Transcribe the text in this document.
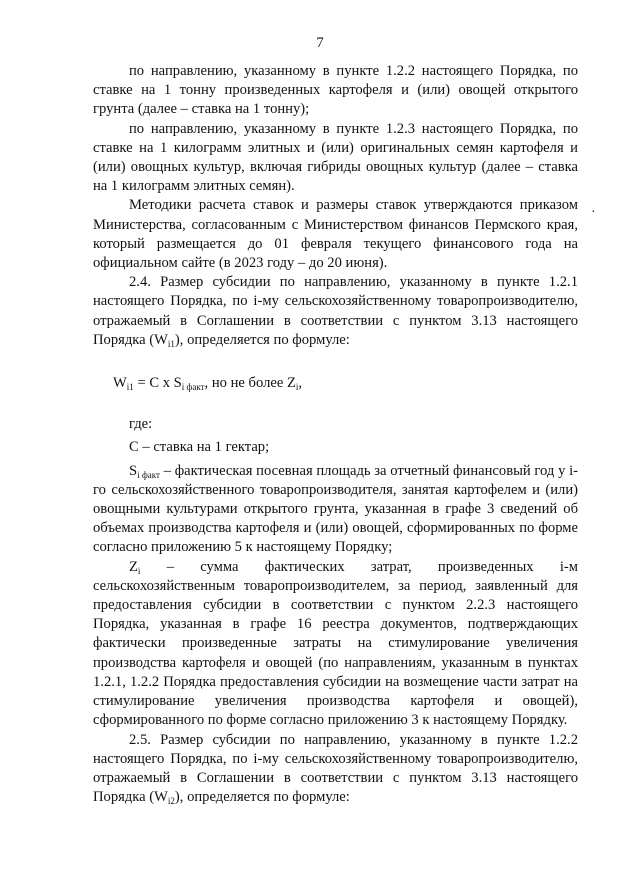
7
·

по направлению, указанному в пункте 1.2.2 настоящего Порядка, по ставке на 1 тонну произведенных картофеля и (или) овощей открытого грунта (далее – ставка на 1 тонну);

по направлению, указанному в пункте 1.2.3 настоящего Порядка, по ставке на 1 килограмм элитных и (или) оригинальных семян картофеля и (или) овощных культур, включая гибриды овощных культур (далее – ставка на 1 килограмм элитных семян).

Методики расчета ставок и размеры ставок утверждаются приказом Министерства, согласованным с Министерством финансов Пермского края, который размещается до 01 февраля текущего финансового года на официальном сайте (в 2023 году – до 20 июня).

2.4. Размер субсидии по направлению, указанному в пункте 1.2.1 настоящего Порядка, по i-му сельскохозяйственному товаропроизводителю, отражаемый в Соглашении в соответствии с пунктом 3.13 настоящего Порядка $(W_{i1})$, определяется по формуле:

$W_{i1} = C$ x $S_{i факт}$, но не более $Z_i$,

где:

C – ставка на 1 гектар;

$S_{i факт}$ – фактическая посевная площадь за отчетный финансовый год у i-го сельскохозяйственного товаропроизводителя, занятая картофелем и (или) овощными культурами открытого грунта, указанная в графе 3 сведений об объемах производства картофеля и (или) овощей, сформированных по форме согласно приложению 5 к настоящему Порядку;

$Z_i$ – сумма фактических затрат, произведенных i-м сельскохозяйственным товаропроизводителем, за период, заявленный для предоставления субсидии в соответствии с пунктом 2.2.3 настоящего Порядка, указанная в графе 16 реестра документов, подтверждающих фактически произведенные затраты на стимулирование увеличения производства картофеля и овощей (по направлениям, указанным в пунктах 1.2.1, 1.2.2 Порядка предоставления субсидии на возмещение части затрат на стимулирование увеличения производства картофеля и овощей), сформированного по форме согласно приложению 3 к настоящему Порядку.

2.5. Размер субсидии по направлению, указанному в пункте 1.2.2 настоящего Порядка, по i-му сельскохозяйственному товаропроизводителю, отражаемый в Соглашении в соответствии с пунктом 3.13 настоящего Порядка $(W_{i2})$, определяется по формуле:
